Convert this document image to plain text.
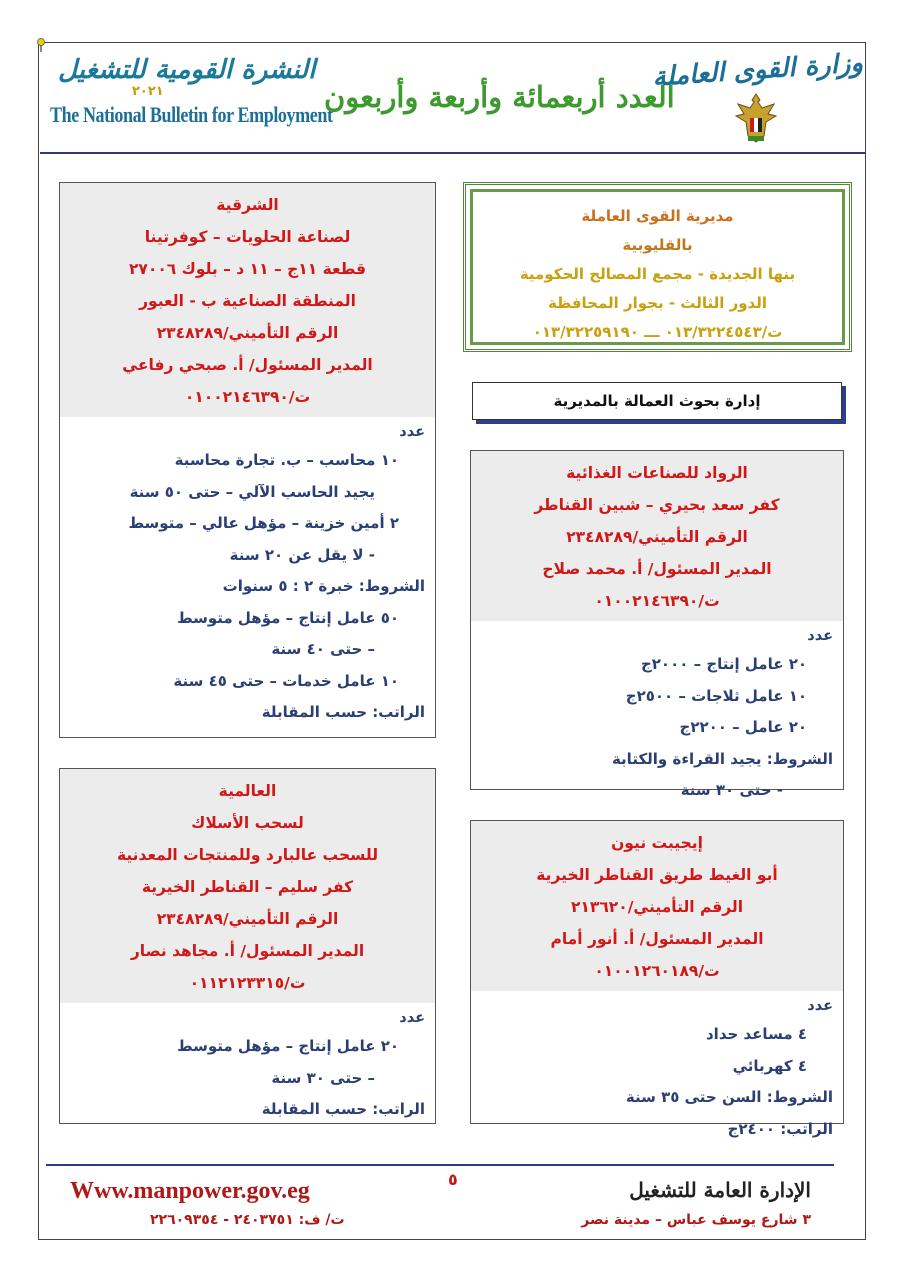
النشرة القومية للتشغيل
٢٠٢١
The National Bulletin for Employment
العدد أربعمائة وأربعة وأربعون
وزارة القوى العاملة
الشرقية
لصناعة الحلويات – كوفرتينا
قطعة ١١ج – ١١ د – بلوك ٢٧٠٠٦
المنطقة الصناعية ب - العبور
الرقم التأميني/٢٣٤٨٢٨٩
المدير المسئول/ أ. صبحي رفاعي
ت/٠١٠٠٢١٤٦٣٩٠
عدد
١٠ محاسب – ب. تجارة محاسبة
يجيد الحاسب الآلي – حتى ٥٠ سنة
٢ أمين خزينة – مؤهل عالي – متوسط
- لا يقل عن ٢٠ سنة
الشروط: خبرة ٢ : ٥ سنوات
٥٠ عامل إنتاج – مؤهل متوسط
– حتى ٤٠ سنة
١٠ عامل خدمات – حتى ٤٥ سنة
الراتب: حسب المقابلة
العالمية
لسحب الأسلاك
للسحب عالبارد وللمنتجات المعدنية
كفر سليم – القناطر الخيرية
الرقم التأميني/٢٣٤٨٢٨٩
المدير المسئول/ أ. مجاهد نصار
ت/٠١١٢١٢٣٣١٥
عدد
٢٠ عامل إنتاج – مؤهل متوسط
– حتى ٣٠ سنة
الراتب: حسب المقابلة
مديرية القوى العاملة
بالقليوبية
بنها الجديدة - مجمع المصالح الحكومية
الدور الثالث - بجوار المحافظة
ت/٠١٣/٣٢٢٤٥٤٣ ـــ ٠١٣/٣٢٢٥٩١٩٠
إدارة بحوث العمالة بالمديرية
الرواد للصناعات الغذائية
كفر سعد بحيري – شبين القناطر
الرقم التأميني/٢٣٤٨٢٨٩
المدير المسئول/ أ. محمد صلاح
ت/٠١٠٠٢١٤٦٣٩٠
عدد
٢٠ عامل إنتاج – ٢٠٠٠ج
١٠ عامل ثلاجات – ٢٥٠٠ج
٢٠ عامل – ٢٢٠٠ج
الشروط: يجيد القراءة والكتابة
- حتى ٣٠ سنة
إيجيبت نيون
أبو الغيط طريق القناطر الخيرية
الرقم التأميني/٢١٣٦٢٠
المدير المسئول/ أ. أنور أمام
ت/٠١٠٠١٢٦٠١٨٩
عدد
٤ مساعد حداد
٤ كهربائي
الشروط: السن حتى ٣٥ سنة
الراتب: ٢٤٠٠ج
٥
Www.manpower.gov.eg	الإدارة العامة للتشغيل
٣ شارع يوسف عباس – مدينة نصر
ت/ ف: ٢٤٠٣٧٥١ - ٢٢٦٠٩٣٥٤
